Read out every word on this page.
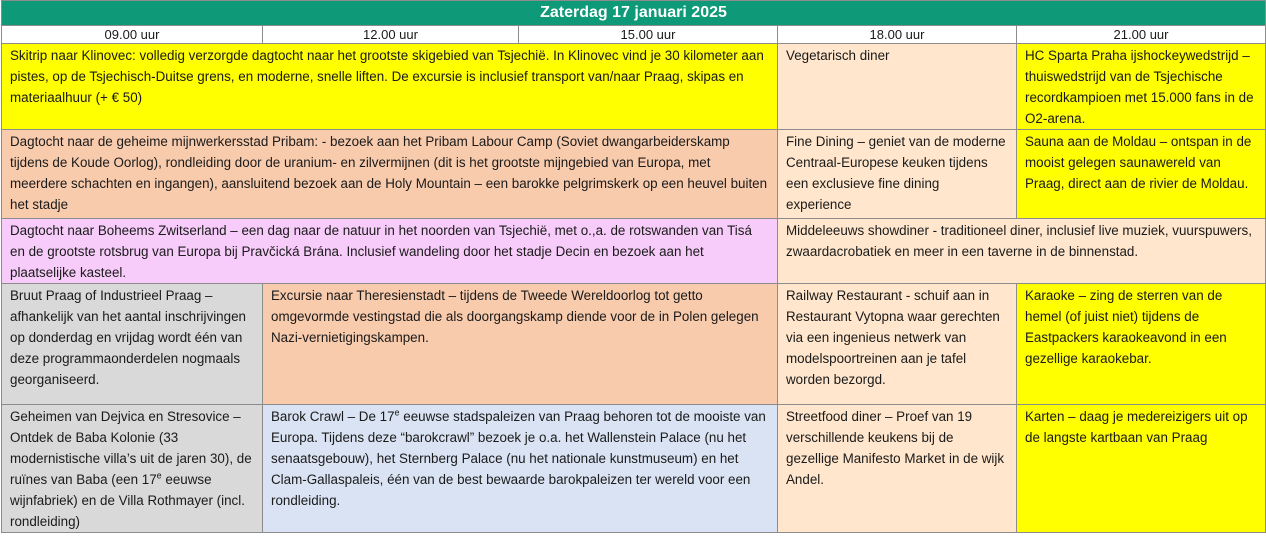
Zaterdag 17 januari 2025				
09.00 uur	12.00 uur	15.00 uur	18.00 uur	21.00 uur
Skitrip naar Klinovec: volledig verzorgde dagtocht naar het grootste skigebied van Tsjechië. In Klinovec vind je 30 kilometer aan pistes, op de Tsjechisch-Duitse grens, en moderne, snelle liften. De excursie is inclusief transport van/naar Praag, skipas en materiaalhuur (+ € 50)			Vegetarisch diner	HC Sparta Praha ijshockeywedstrijd – thuiswedstrijd van de Tsjechische recordkampioen met 15.000 fans in de O2-arena.
Dagtocht naar de geheime mijnwerkersstad Pribam: - bezoek aan het Pribam Labour Camp (Soviet dwangarbeiderskamp tijdens de Koude Oorlog), rondleiding door de uranium- en zilvermijnen (dit is het grootste mijngebied van Europa, met meerdere schachten en ingangen), aansluitend bezoek aan de Holy Mountain – een barokke pelgrimskerk op een heuvel buiten het stadje			Fine Dining – geniet van de moderne Centraal-Europese keuken tijdens een exclusieve fine dining experience	Sauna aan de Moldau – ontspan in de mooist gelegen saunawereld van Praag, direct aan de rivier de Moldau.
Dagtocht naar Boheems Zwitserland – een dag naar de natuur in het noorden van Tsjechië, met o.,a. de rotswanden van Tisá en de grootste rotsbrug van Europa bij Pravčická Brána. Inclusief wandeling door het stadje Decin en bezoek aan het plaatselijke kasteel.			Middeleeuws showdiner - traditioneel diner, inclusief live muziek, vuurspuwers, zwaardacrobatiek en meer in een taverne in de binnenstad.	
Bruut Praag of Industrieel Praag – afhankelijk van het aantal inschrijvingen op donderdag en vrijdag wordt één van deze programmaonderdelen nogmaals georganiseerd.	Excursie naar Theresienstadt – tijdens de Tweede Wereldoorlog tot getto omgevormde vestingstad die als doorgangskamp diende voor de in Polen gelegen Nazi-vernietigingskampen.		Railway Restaurant - schuif aan in Restaurant Vytopna waar gerechten via een ingenieus netwerk van modelspoortreinen aan je tafel worden bezorgd.	Karaoke – zing de sterren van de hemel (of juist niet) tijdens de Eastpackers karaokeavond in een gezellige karaokebar.
Geheimen van Dejvica en Stresovice – Ontdek de Baba Kolonie (33 modernistische villa’s uit de jaren 30), de ruïnes van Baba (een 17e eeuwse wijnfabriek) en de Villa Rothmayer (incl. rondleiding)	Barok Crawl – De 17e eeuwse stadspaleizen van Praag behoren tot de mooiste van Europa. Tijdens deze “barokcrawl” bezoek je o.a. het Wallenstein Palace (nu het senaatsgebouw), het Sternberg Palace (nu het nationale kunstmuseum) en het Clam-Gallaspaleis, één van de best bewaarde barokpaleizen ter wereld voor een rondleiding.		Streetfood diner – Proef van 19 verschillende keukens bij de gezellige Manifesto Market in de wijk Andel.	Karten – daag je medereizigers uit op de langste kartbaan van Praag
